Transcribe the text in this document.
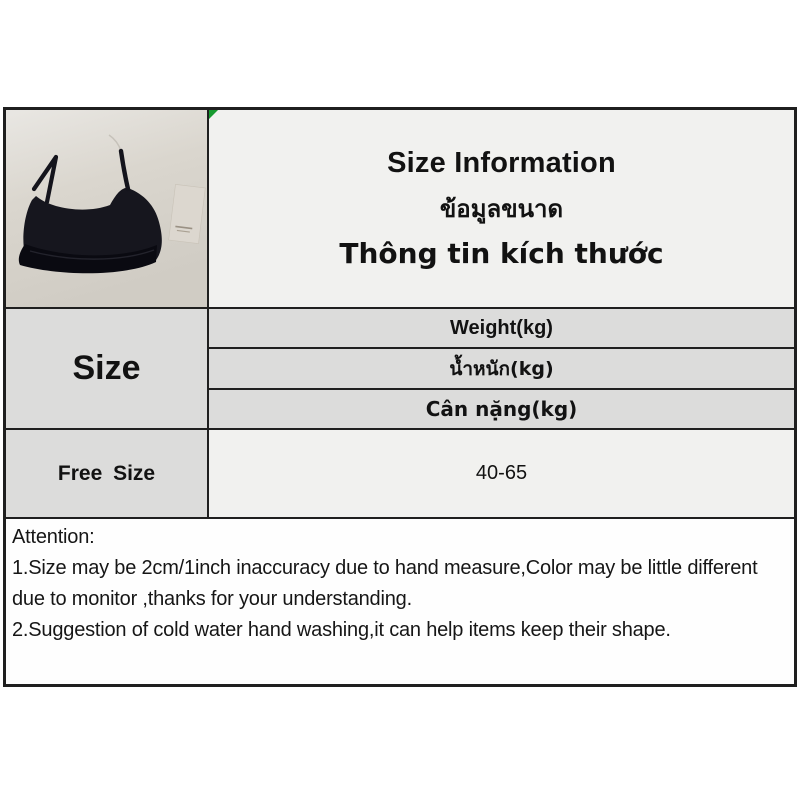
Size Information
ข้อมูลขนาด
Thông tin kích thước
Size
Weight(kg)
น้ำหนัก(kg)
Cân nặng(kg)
Free Size	40-65
Attention:
1.Size may be 2cm/1inch inaccuracy due to hand measure,Color may be little different due to monitor ,thanks for your understanding.
2.Suggestion of cold water hand washing,it can help items keep their shape.
